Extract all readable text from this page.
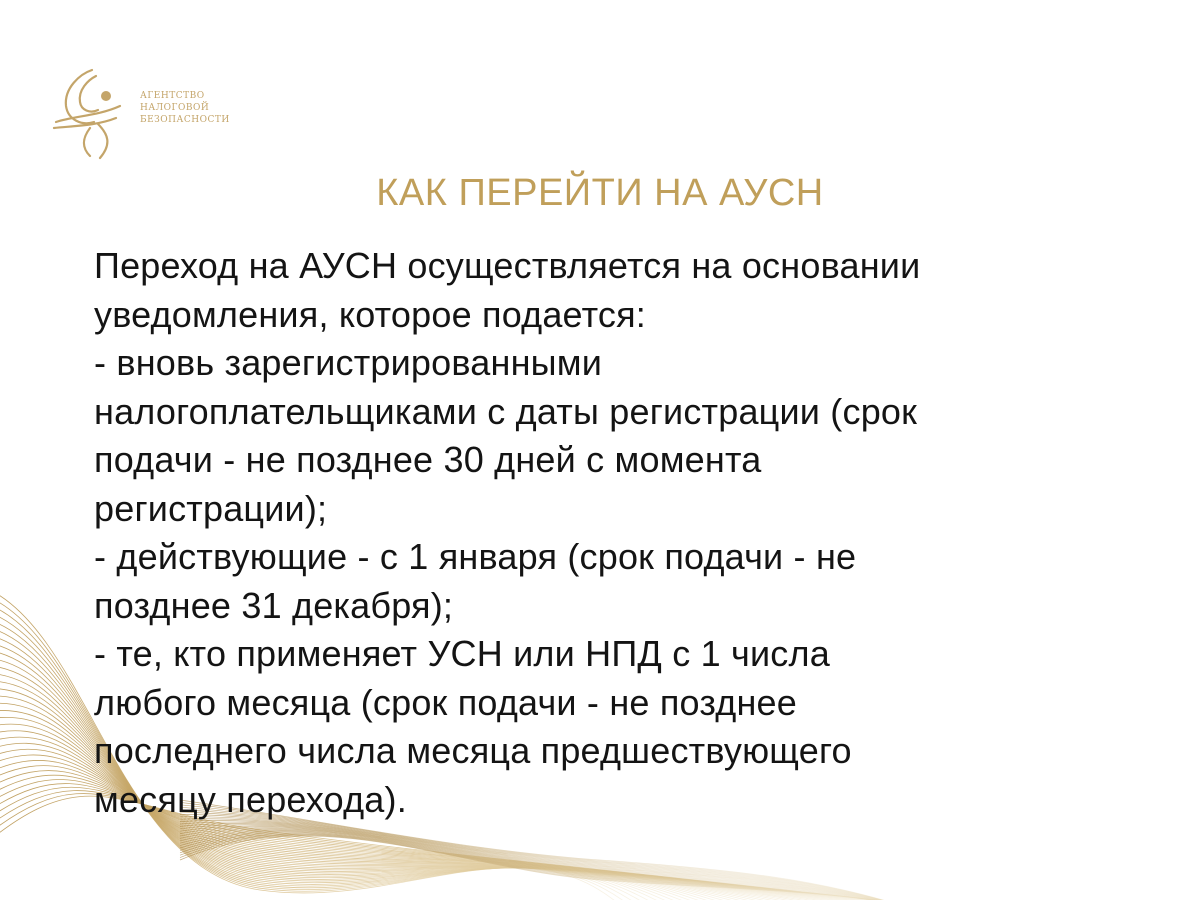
АГЕНТСТВО
НАЛОГОВОЙ
БЕЗОПАСНОСТИ
КАК ПЕРЕЙТИ НА АУСН
Переход на АУСН осуществляется на основании
уведомления, которое подается:
- вновь зарегистрированными
налогоплательщиками с даты регистрации (срок
подачи - не позднее 30 дней с момента
регистрации);
- действующие - с 1 января (срок подачи - не
позднее 31 декабря);
- те, кто применяет УСН или НПД с 1 числа
любого месяца (срок подачи - не позднее
последнего числа месяца предшествующего
месяцу перехода).
